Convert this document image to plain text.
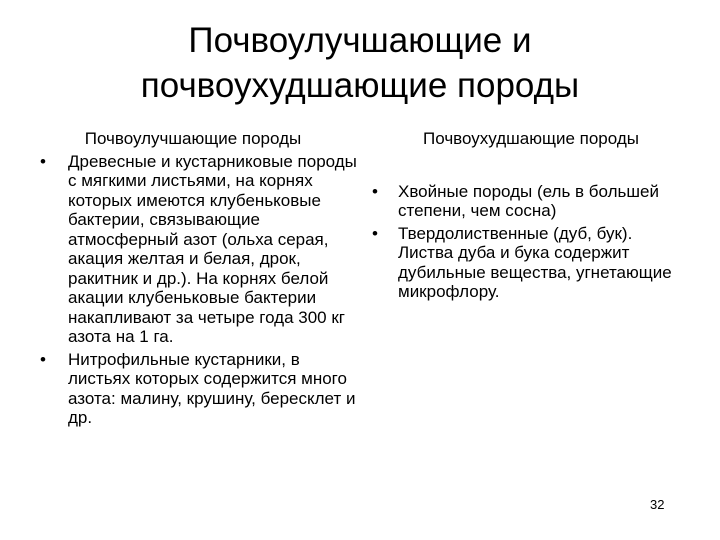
Почвоулучшающие и
почвоухудшающие породы
Почвоулучшающие породы
• Древесные и кустарниковые породы с мягкими листьями, на корнях которых имеются клубеньковые бактерии, связывающие атмосферный азот (ольха серая, акация желтая и белая, дрок, ракитник и др.). На корнях белой акации клубеньковые бактерии накапливают за четыре года 300 кг азота на 1 га.
• Нитрофильные кустарники, в листьях которых содержится много азота: малину, крушину, бересклет и др.
Почвоухудшающие породы
• Хвойные породы (ель в большей степени, чем сосна)
• Твердолиственные (дуб, бук). Листва дуба и бука содержит дубильные вещества, угнетающие микрофлору.
32
